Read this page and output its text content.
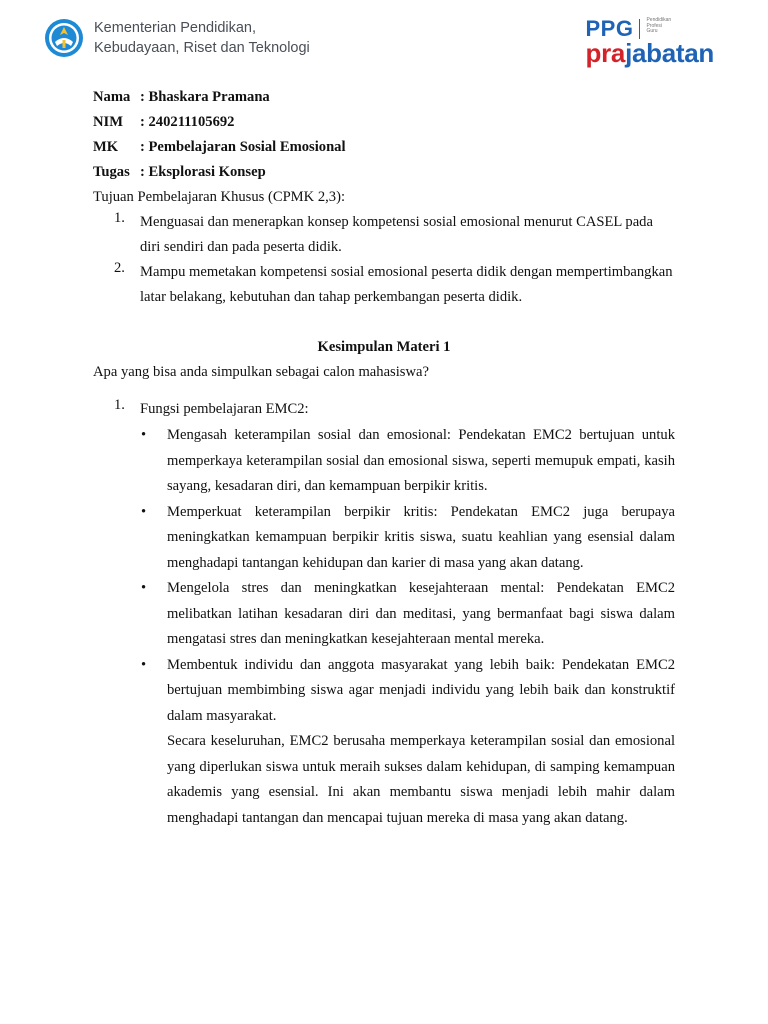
Kementerian Pendidikan,
Kebudayaan, Riset dan Teknologi
PPG	Pendidikan
Profesi
Guru
prajabatan
Nama : Bhaskara Pramana
NIM	: 240211105692
MK	: Pembelajaran Sosial Emosional
Tugas : Eksplorasi Konsep
Tujuan Pembelajaran Khusus (CPMK 2,3):
1.	Menguasai dan menerapkan konsep kompetensi sosial emosional menurut CASEL pada diri sendiri dan pada peserta didik.
2.	Mampu memetakan kompetensi sosial emosional peserta didik dengan mempertimbangkan latar belakang, kebutuhan dan tahap perkembangan peserta didik.
Kesimpulan Materi 1
Apa yang bisa anda simpulkan sebagai calon mahasiswa?
1.	Fungsi pembelajaran EMC2:
•	Mengasah keterampilan sosial dan emosional: Pendekatan EMC2 bertujuan untuk memperkaya keterampilan sosial dan emosional siswa, seperti memupuk empati, kasih sayang, kesadaran diri, dan kemampuan berpikir kritis.
•	Memperkuat keterampilan berpikir kritis: Pendekatan EMC2 juga berupaya meningkatkan kemampuan berpikir kritis siswa, suatu keahlian yang esensial dalam menghadapi tantangan kehidupan dan karier di masa yang akan datang.
•	Mengelola stres dan meningkatkan kesejahteraan mental: Pendekatan EMC2 melibatkan latihan kesadaran diri dan meditasi, yang bermanfaat bagi siswa dalam mengatasi stres dan meningkatkan kesejahteraan mental mereka.
•	Membentuk individu dan anggota masyarakat yang lebih baik: Pendekatan EMC2 bertujuan membimbing siswa agar menjadi individu yang lebih baik dan konstruktif dalam masyarakat.
Secara keseluruhan, EMC2 berusaha memperkaya keterampilan sosial dan emosional yang diperlukan siswa untuk meraih sukses dalam kehidupan, di samping kemampuan akademis yang esensial. Ini akan membantu siswa menjadi lebih mahir dalam menghadapi tantangan dan mencapai tujuan mereka di masa yang akan datang.
